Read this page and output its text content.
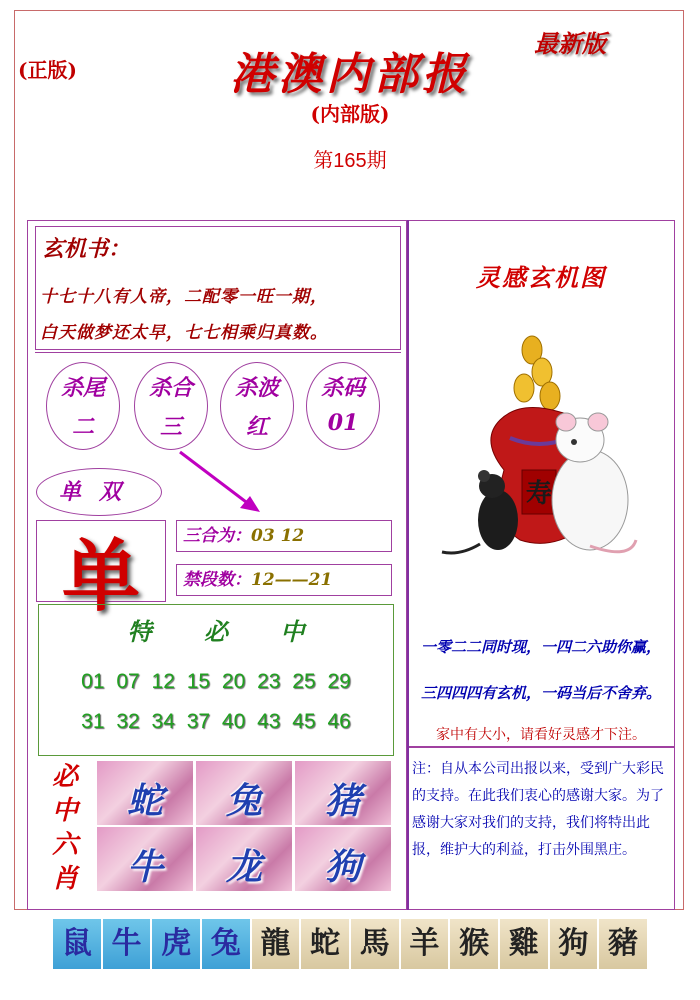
(正版)
最新版
港澳内部报
(内部版)
第165期
玄机书：
十七十八有人帝，二配零一旺一期，
白天做梦还太早，七七相乘归真数。
杀尾
二
杀合
三
杀波
红
杀码
01
单双
单	三合为：03 12
禁段数：12——21
特 必 中
01 07 12 15 20 23 25 29
31 32 34 37 40 43 45 46
必
中
六
肖
蛇	兔	猪
牛	龙	狗
灵感玄机图
寿
一零二二同时现，一四二六助你赢，
三四四四有玄机，一码当后不舍弃。
家中有大小，请看好灵感才下注。
注：自从本公司出报以来，受到广大彩民的支持。在此我们衷心的感谢大家。为了感谢大家对我们的支持，我们将特出此报，维护大的利益，打击外围黑庄。
鼠 牛 虎 兔 龍 蛇 馬 羊 猴 雞 狗 豬
